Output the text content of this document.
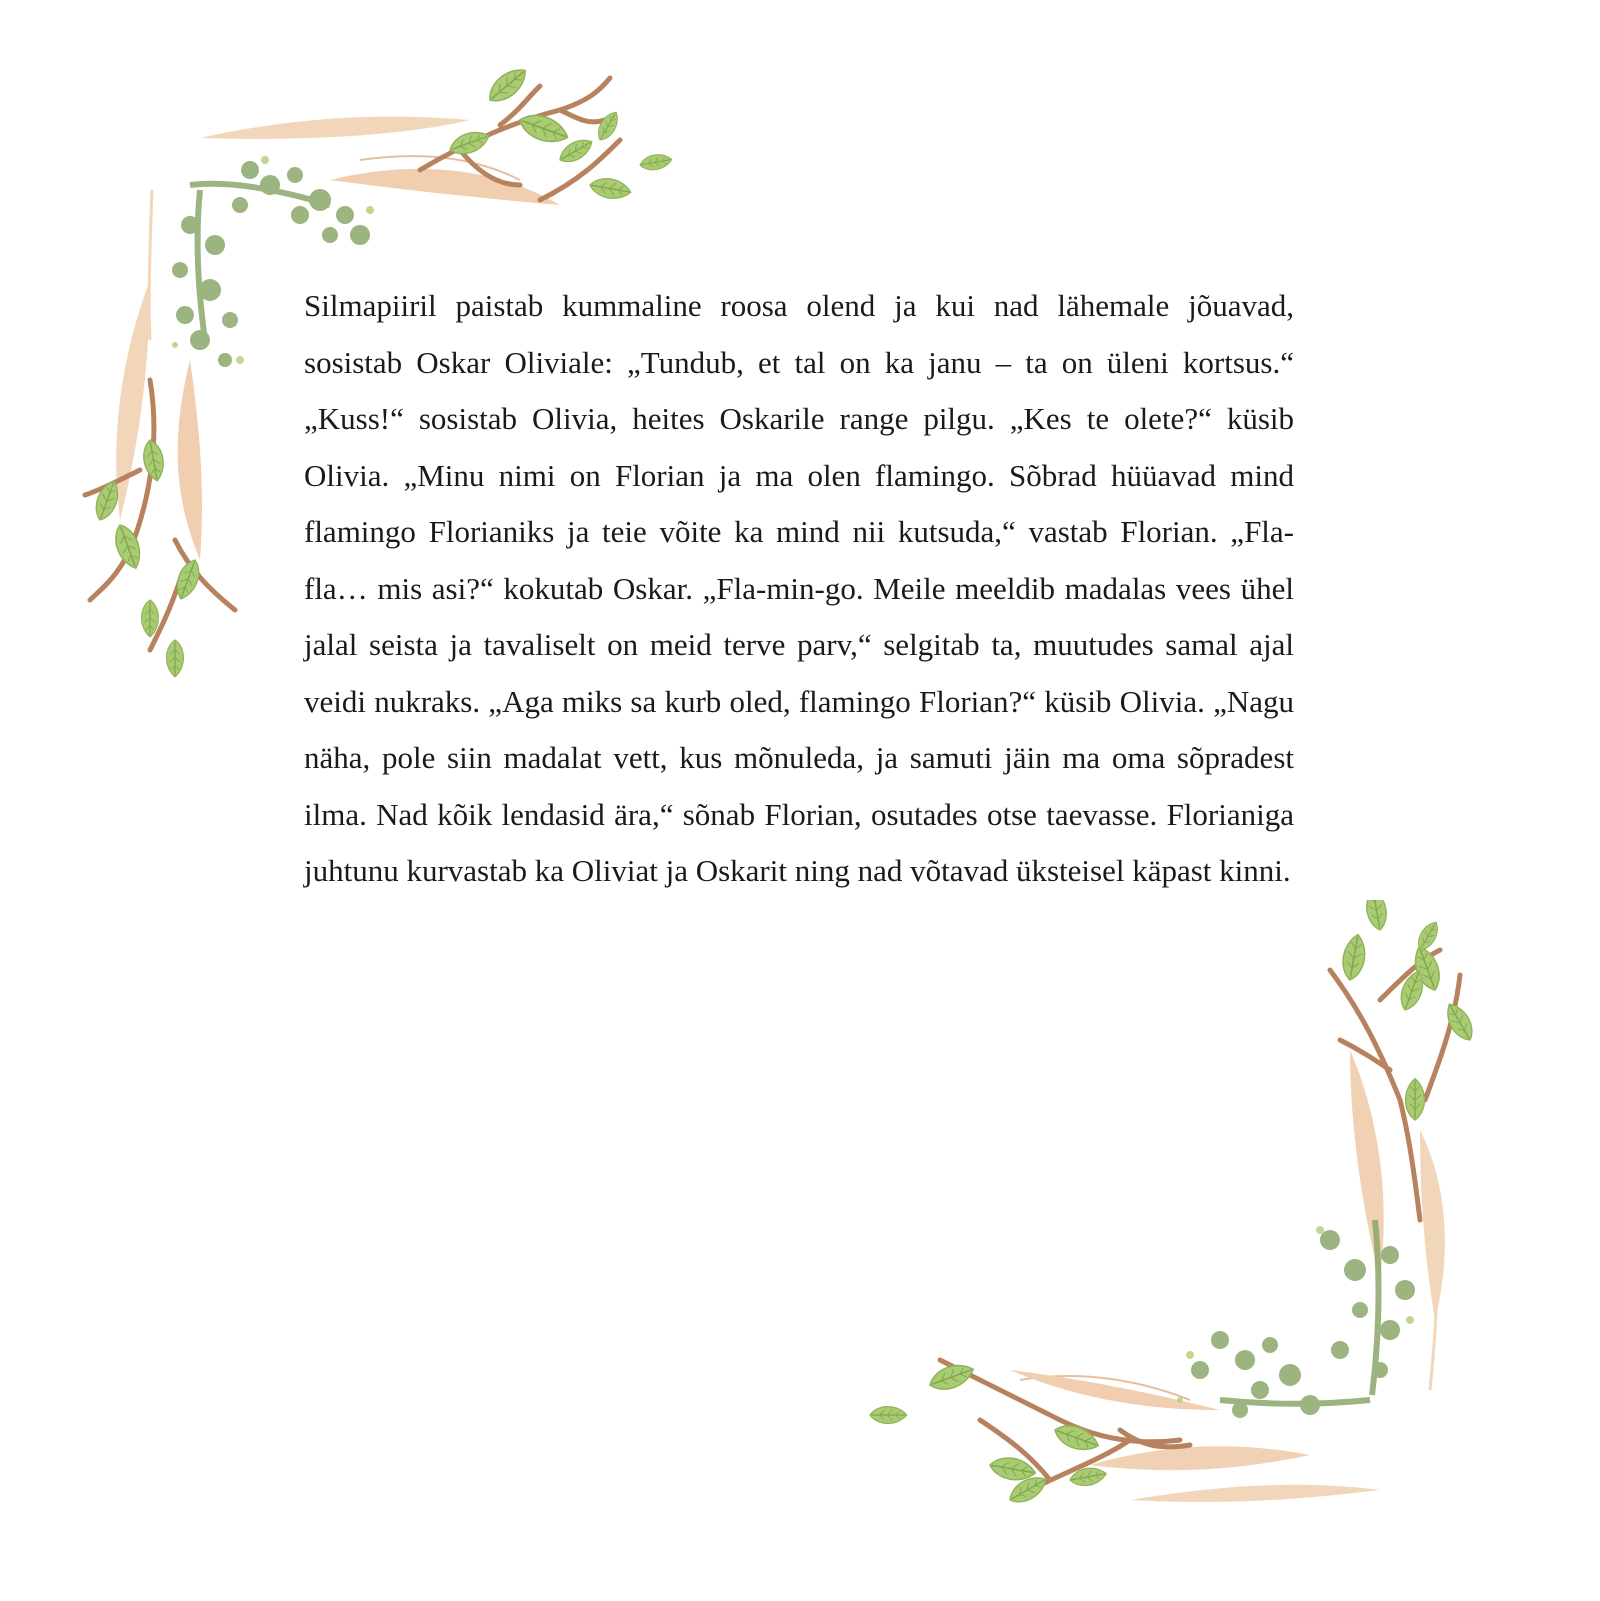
Silmapiiril paistab kummaline roosa olend ja kui nad lähemale jõuavad, sosistab Oskar Oliviale: „Tundub, et tal on ka janu – ta on üleni kortsus.“ „Kuss!“ sosistab Olivia, heites Oskarile range pilgu. „Kes te olete?“ küsib Olivia. „Minu nimi on Florian ja ma olen flamingo. Sõbrad hüüavad mind flamingo Florianiks ja teie võite ka mind nii kutsuda,“ vastab Florian. „Fla-fla… mis asi?“ kokutab Oskar. „Fla-min-go. Meile meeldib madalas vees ühel jalal seista ja tavaliselt on meid terve parv,“ selgitab ta, muutudes samal ajal veidi nukraks. „Aga miks sa kurb oled, flamingo Florian?“ küsib Olivia. „Nagu näha, pole siin madalat vett, kus mõnuleda, ja samuti jäin ma oma sõpradest ilma. Nad kõik lendasid ära,“ sõnab Florian, osutades otse taevasse. Florianiga juhtunu kurvastab ka Oliviat ja Oskarit ning nad võtavad üksteisel käpast kinni.
